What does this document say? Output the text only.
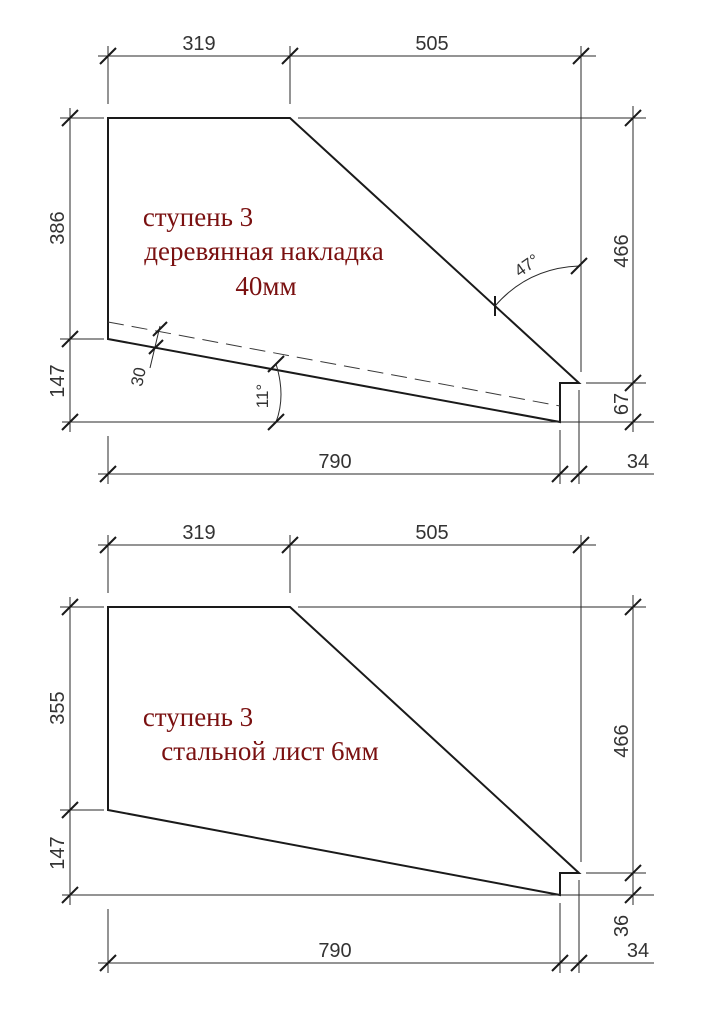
319	505
386
147
466
67
790	34
30
11°
47°
ступень 3
деревянная накладка
40мм
319	505
355
147
466
36
790	34
ступень 3
стальной лист 6мм
